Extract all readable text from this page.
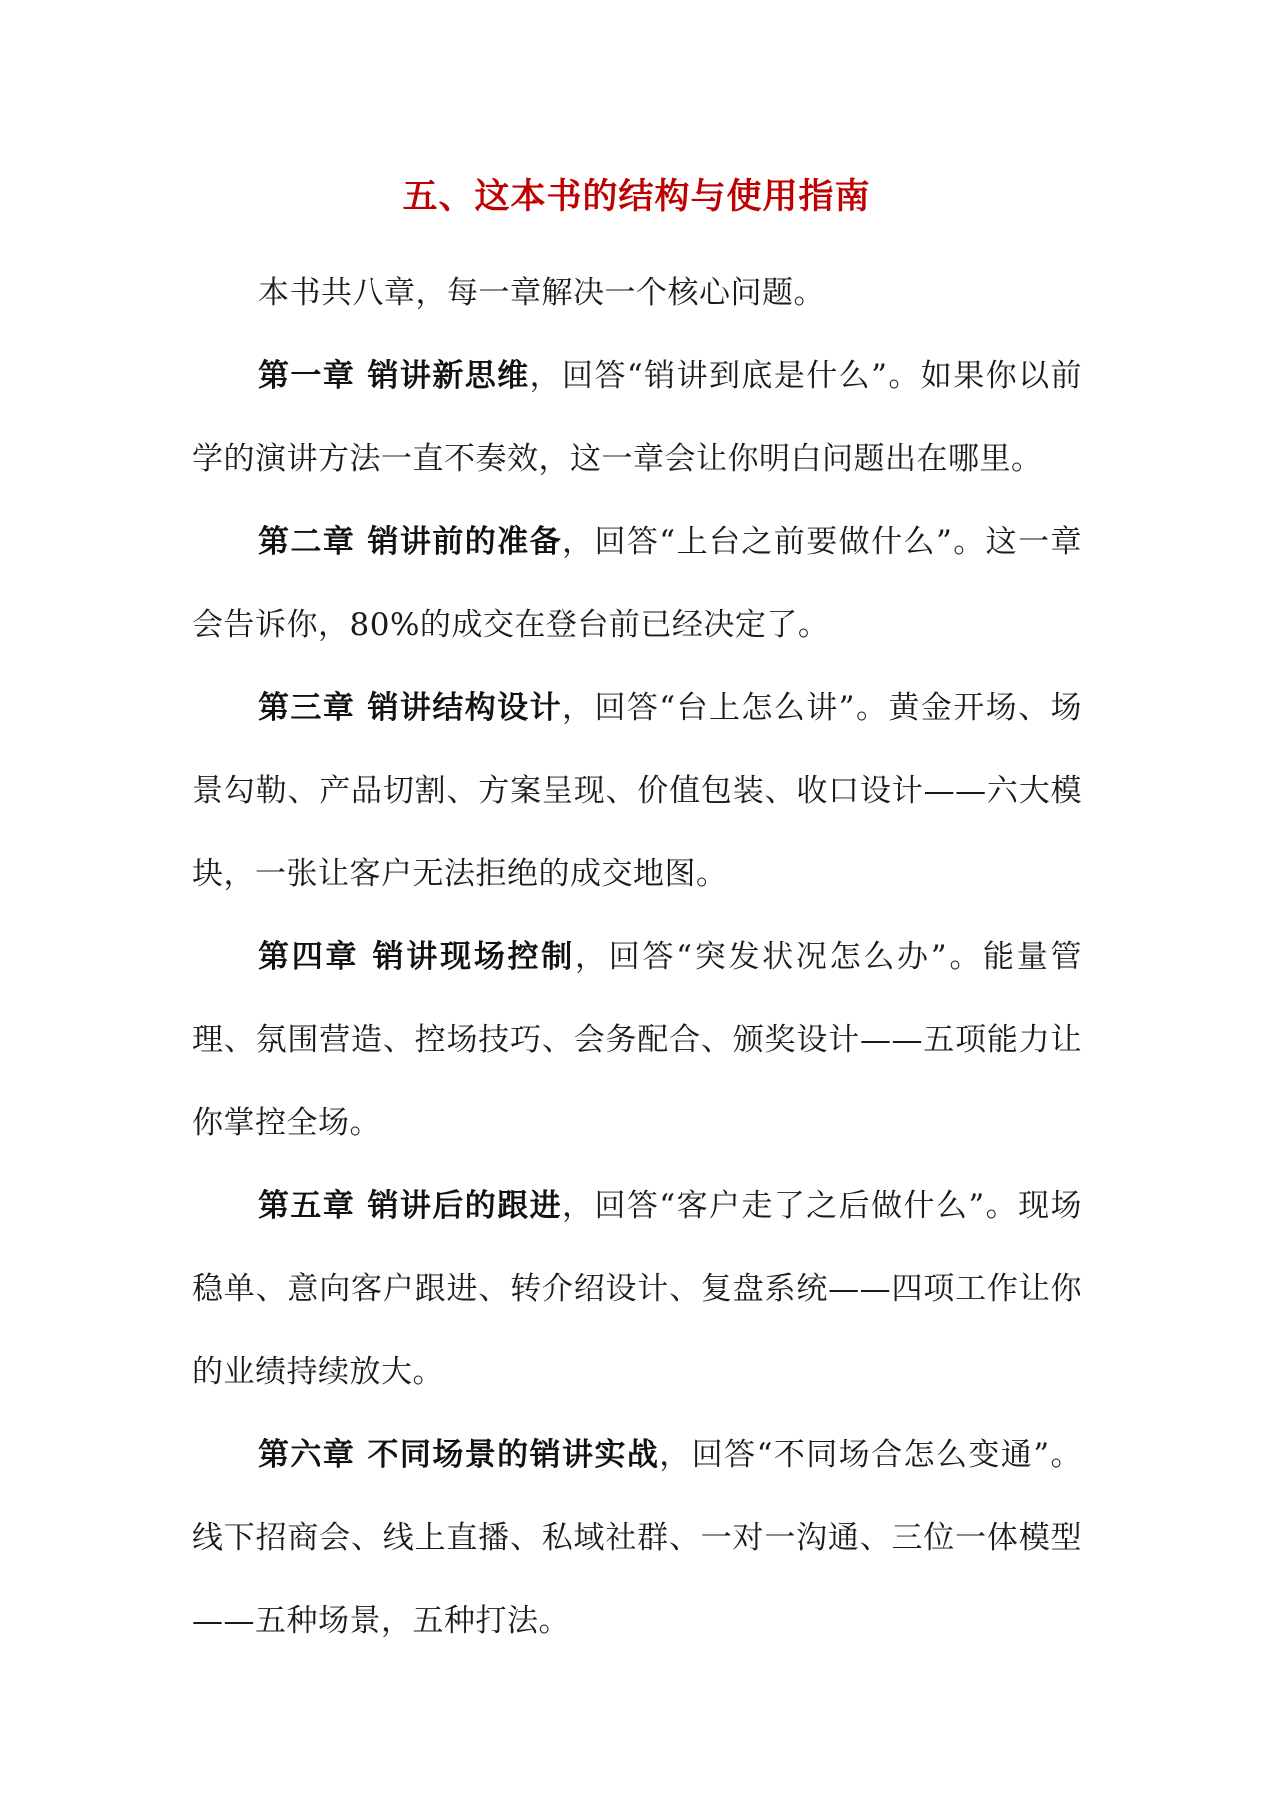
五、这本书的结构与使用指南

本书共八章，每一章解决一个核心问题。

第一章 销讲新思维，回答“销讲到底是什么”。如果你以前学的演讲方法一直不奏效，这一章会让你明白问题出在哪里。

第二章 销讲前的准备，回答“上台之前要做什么”。这一章会告诉你，80%的成交在登台前已经决定了。

第三章 销讲结构设计，回答“台上怎么讲”。黄金开场、场景勾勒、产品切割、方案呈现、价值包装、收口设计——六大模块，一张让客户无法拒绝的成交地图。

第四章 销讲现场控制，回答“突发状况怎么办”。能量管理、氛围营造、控场技巧、会务配合、颁奖设计——五项能力让你掌控全场。

第五章 销讲后的跟进，回答“客户走了之后做什么”。现场稳单、意向客户跟进、转介绍设计、复盘系统——四项工作让你的业绩持续放大。

第六章 不同场景的销讲实战，回答“不同场合怎么变通”。线下招商会、线上直播、私域社群、一对一沟通、三位一体模型——五种场景，五种打法。
